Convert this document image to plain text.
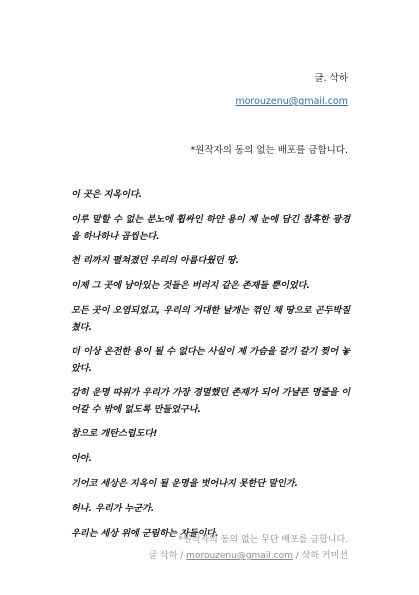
글. 삭하
morouzenu@gmail.com
*원작자의 동의 없는 배포를 금합니다.

이 곳은 지옥이다.

이루 말할 수 없는 분노에 휩싸인 하얀 용이 제 눈에 담긴 참혹한 광경을 하나하나 곱씹는다.

천 리까지 펼쳐졌던 우리의 아름다웠던 땅.

이제 그 곳에 남아있는 것들은 버러지 같은 존재들 뿐이었다.

모든 곳이 오염되었고, 우리의 거대한 날개는 꺾인 채 땅으로 곤두박질쳤다.

더 이상 온전한 용이 될 수 없다는 사실이 제 가슴을 갈기 갈기 찢어 놓았다.

감히 운명 따위가 우리가 가장 경멸했던 존재가 되어 가냘픈 명줄을 이어갈 수 밖에 없도록 만들었구나.

참으로 개탄스럽도다!

아아.

기어코 세상은 지옥이 될 운명을 벗어나지 못한단 말인가.

허나. 우리가 누군가.

우리는 세상 위에 군림하는 자들이다.

*원작자의 동의 없는 무단 배포를 금합니다.
글 삭하 / morouzenu@gmail.com / 삭하 커미션
